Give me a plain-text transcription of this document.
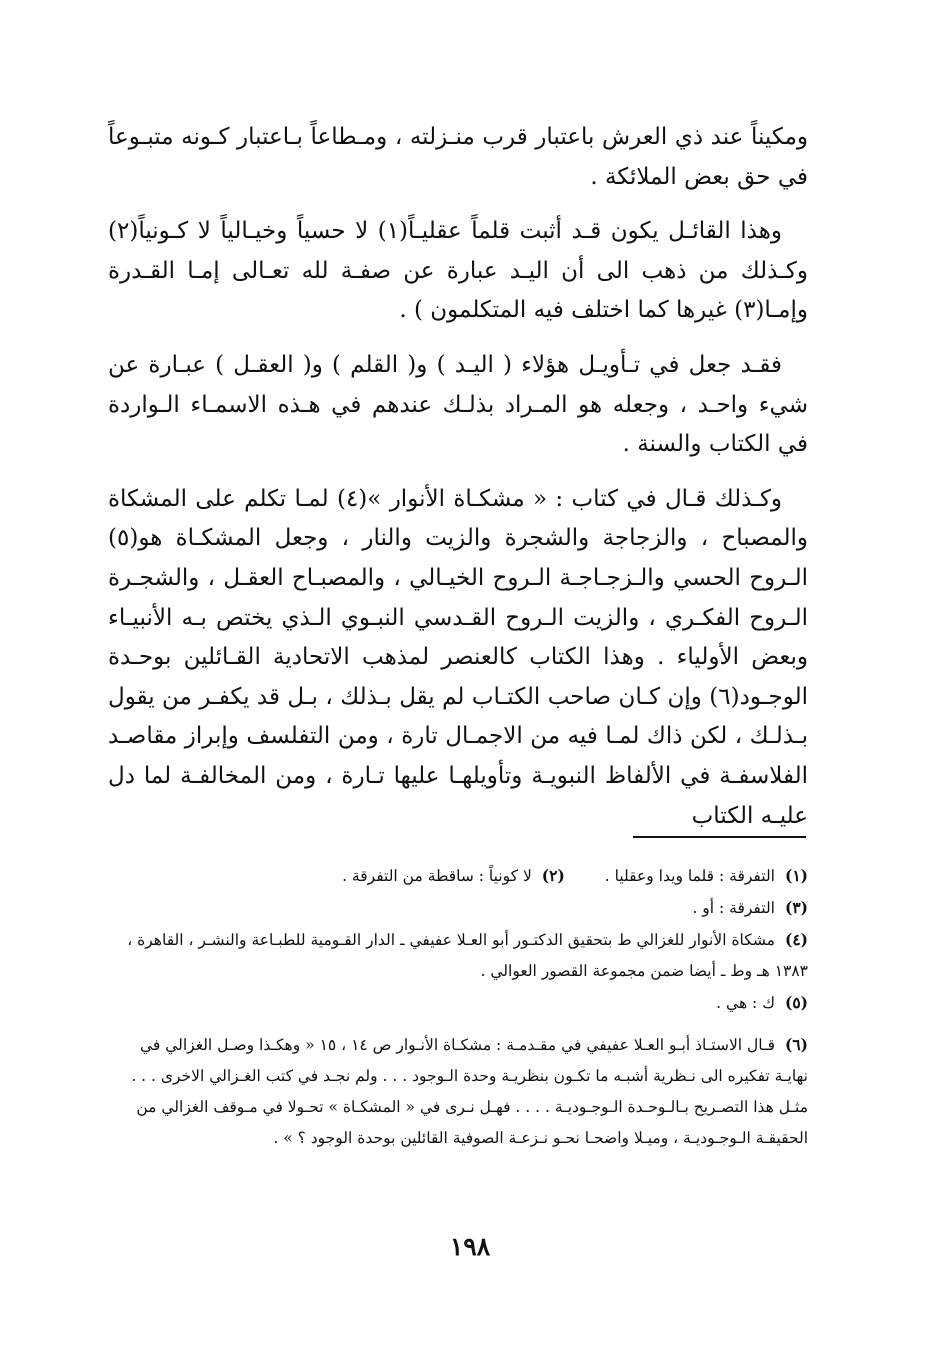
ومكيناً عند ذي العرش باعتبار قرب منـزلته ، ومـطاعاً بـاعتبار كـونه متبـوعاً في حق بعض الملائكة .

وهذا القائـل يكون قـد أثبت قلماً عقليـاً(١) لا حسياً وخيـالياً لا كـونياً(٢) وكـذلك من ذهب الى أن اليـد عبارة عن صفـة لله تعـالى إمـا القـدرة وإمـا(٣) غيرها كما اختلف فيه المتكلمون ) .

فقـد جعل في تـأويـل هؤلاء ( اليـد ) و( القلم ) و( العقـل ) عبـارة عن شيء واحـد ، وجعله هو المـراد بذلـك عندهم في هـذه الاسمـاء الـواردة في الكتاب والسنة .

وكـذلك قـال في كتاب : « مشكـاة الأنوار »(٤) لمـا تكلم على المشكاة والمصباح ، والزجاجة والشجرة والزيت والنار ، وجعل المشكـاة هو(٥) الـروح الحسي والـزجـاجـة الـروح الخيـالي ، والمصبـاح العقـل ، والشجـرة الـروح الفكـري ، والزيت الـروح القـدسي النبـوي الـذي يختص بـه الأنبيـاء وبعض الأولياء . وهذا الكتاب كالعنصر لمذهب الاتحادية القـائلين بوحـدة الوجـود(٦) وإن كـان صاحب الكتـاب لم يقل بـذلك ، بـل قد يكفـر من يقول بـذلـك ، لكن ذاك لمـا فيه من الاجمـال تارة ، ومن التفلسف وإبراز مقاصـد الفلاسفـة في الألفاظ النبويـة وتأويلهـا عليها تـارة ، ومن المخالفـة لما دل عليـه الكتاب

(١)التفرقة : قلما ويدا وعقليا .(٢)لا كونياً : ساقطة من التفرقة .

(٣)التفرقة : أو .

(٤)مشكاة الأنوار للغزالي ط بتحقيق الدكتـور أبو العـلا عفيفي ـ الدار القـومية للطبـاعة والنشـر ، القاهرة ، ١٣٨٣ هـ وط ـ أيضا ضمن مجموعة القصور العوالي .

(٥)ك : هي .

(٦)قـال الاستـاذ أبـو العـلا عفيفي في مقـدمـة : مشكـاة الأنـوار ص ١٤ ، ١٥ « وهكـذا وصـل الغزالي في نهايـة تفكيره الى نـظرية أشبـه ما تكـون بنظريـة وحدة الـوجود . . . ولم نجـد في كتب الغـزالي الاخرى . . . مثـل هذا التصـريح بـالـوحـدة الـوجـوديـة . . . . فهـل نـرى في « المشكـاة » تحـولا في مـوقف الغزالي من الحقيقـة الـوجـوديـة ، وميـلا واضحـا نحـو نـزعـة الصوفية القائلين بوحدة الوجود ؟ » .

١٩٨
